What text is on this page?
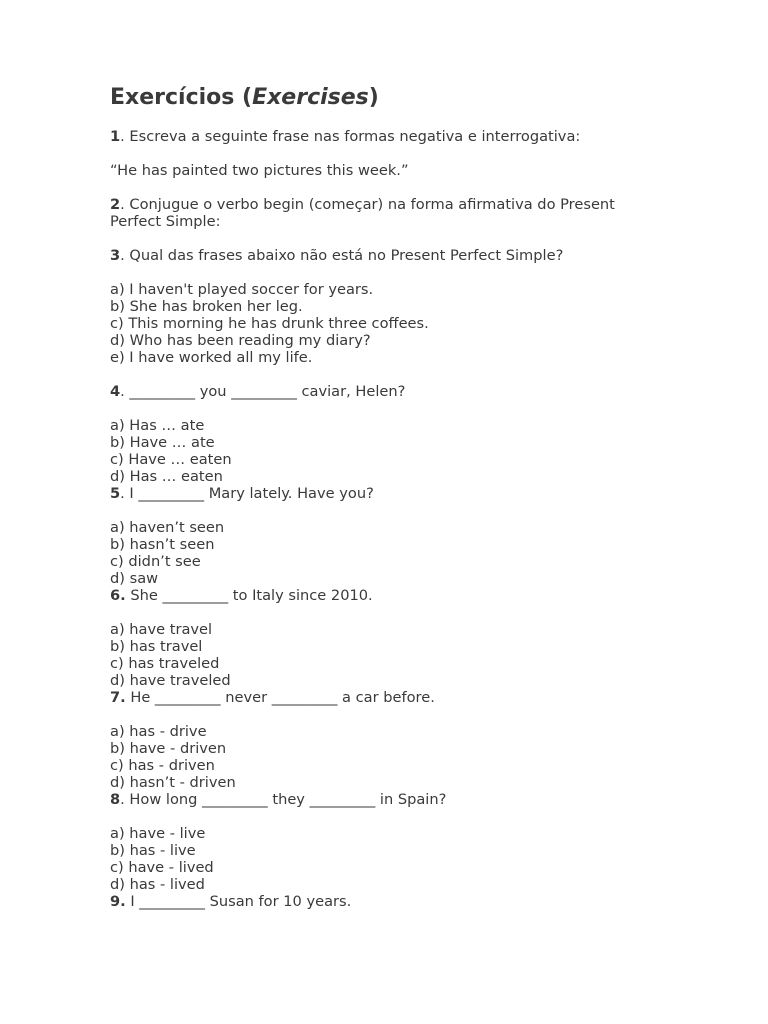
Exercícios (Exercises)

1. Escreva a seguinte frase nas formas negativa e interrogativa:

“He has painted two pictures this week.”

2. Conjugue o verbo begin (começar) na forma afirmativa do Present

Perfect Simple:

3. Qual das frases abaixo não está no Present Perfect Simple?

a) I haven't played soccer for years.

b) She has broken her leg.

c) This morning he has drunk three coffees.

d) Who has been reading my diary?

e) I have worked all my life.

4. _________ you _________ caviar, Helen?

a) Has … ate

b) Have … ate

c) Have … eaten

d) Has … eaten

5. I _________ Mary lately. Have you?

a) haven’t seen

b) hasn’t seen

c) didn’t see

d) saw

6. She _________ to Italy since 2010.

a) have travel

b) has travel

c) has traveled

d) have traveled

7. He _________ never _________ a car before.

a) has - drive

b) have - driven

c) has - driven

d) hasn’t - driven

8. How long _________ they _________ in Spain?

a) have - live

b) has - live

c) have - lived

d) has - lived

9. I _________ Susan for 10 years.
